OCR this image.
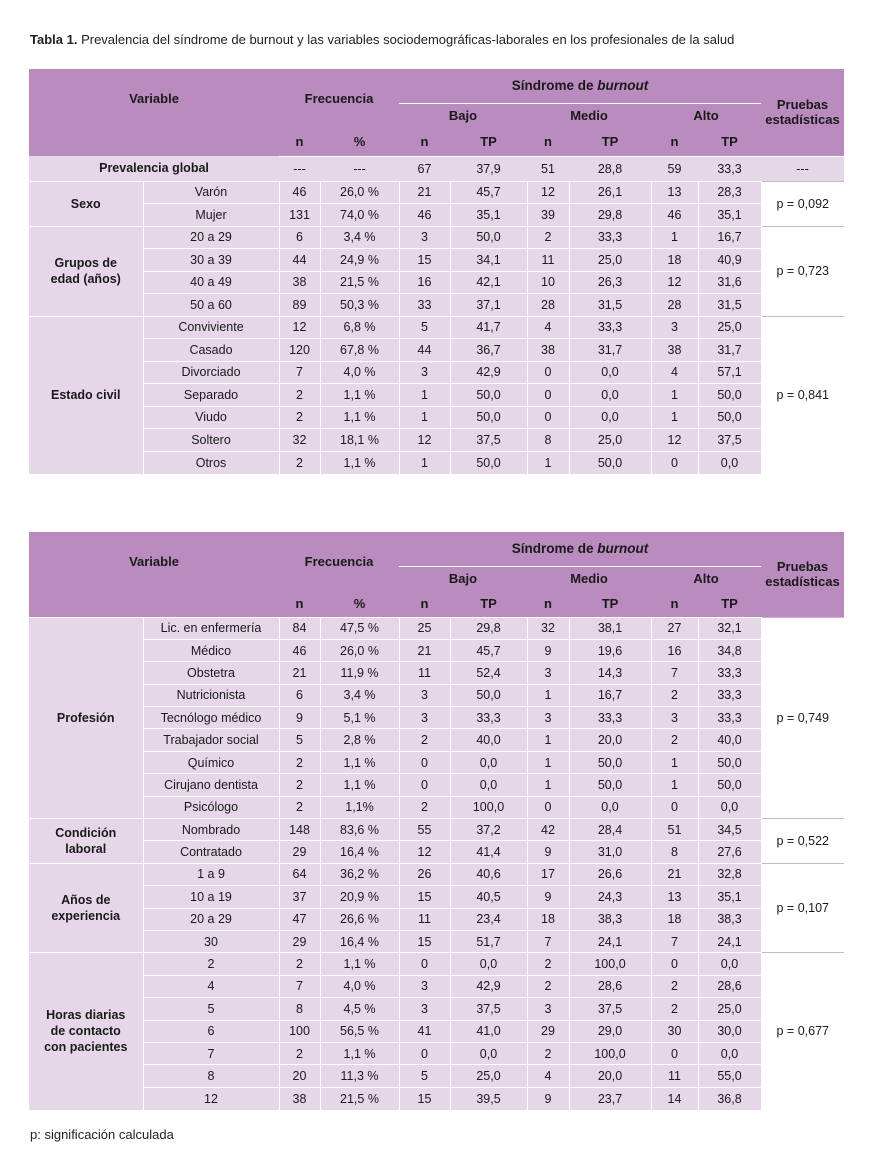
Tabla 1. Prevalencia del síndrome de burnout y las variables sociodemográficas-laborales en los profesionales de la salud
Variable		Frecuencia		Síndrome de burnout						Pruebas
estadísticas
				Bajo		Medio		Alto		
		n	%	n	TP	n	TP	n	TP	
Prevalencia global		---	---	67	37,9	51	28,8	59	33,3	---
Sexo	Varón	46	26,0 %	21	45,7	12	26,1	13	28,3	p = 0,092
	Mujer	131	74,0 %	46	35,1	39	29,8	46	35,1	
Grupos de edad (años)	20 a 29	6	3,4 %	3	50,0	2	33,3	1	16,7	p = 0,723
	30 a 39	44	24,9 %	15	34,1	11	25,0	18	40,9	
	40 a 49	38	21,5 %	16	42,1	10	26,3	12	31,6	
	50 a 60	89	50,3 %	33	37,1	28	31,5	28	31,5	
Estado civil	Conviviente	12	6,8 %	5	41,7	4	33,3	3	25,0	p = 0,841
	Casado	120	67,8 %	44	36,7	38	31,7	38	31,7	
	Divorciado	7	4,0 %	3	42,9	0	0,0	4	57,1	
	Separado	2	1,1 %	1	50,0	0	0,0	1	50,0	
	Viudo	2	1,1 %	1	50,0	0	0,0	1	50,0	
	Soltero	32	18,1 %	12	37,5	8	25,0	12	37,5	
	Otros	2	1,1 %	1	50,0	1	50,0	0	0,0	
Variable		Frecuencia		Síndrome de burnout						Pruebas
estadísticas
				Bajo		Medio		Alto		
		n	%	n	TP	n	TP	n	TP	
Profesión	Lic. en enfermería	84	47,5 %	25	29,8	32	38,1	27	32,1	p = 0,749
	Médico	46	26,0 %	21	45,7	9	19,6	16	34,8	
	Obstetra	21	11,9 %	11	52,4	3	14,3	7	33,3	
	Nutricionista	6	3,4 %	3	50,0	1	16,7	2	33,3	
	Tecnólogo médico	9	5,1 %	3	33,3	3	33,3	3	33,3	
	Trabajador social	5	2,8 %	2	40,0	1	20,0	2	40,0	
	Químico	2	1,1 %	0	0,0	1	50,0	1	50,0	
	Cirujano dentista	2	1,1 %	0	0,0	1	50,0	1	50,0	
	Psicólogo	2	1,1%	2	100,0	0	0,0	0	0,0	
Condición laboral	Nombrado	148	83,6 %	55	37,2	42	28,4	51	34,5	p = 0,522
	Contratado	29	16,4 %	12	41,4	9	31,0	8	27,6	
Años de experiencia	1 a 9	64	36,2 %	26	40,6	17	26,6	21	32,8	p = 0,107
	10 a 19	37	20,9 %	15	40,5	9	24,3	13	35,1	
	20 a 29	47	26,6 %	11	23,4	18	38,3	18	38,3	
	30	29	16,4 %	15	51,7	7	24,1	7	24,1	
Horas diarias de contacto con pacientes	2	2	1,1 %	0	0,0	2	100,0	0	0,0	p = 0,677
	4	7	4,0 %	3	42,9	2	28,6	2	28,6	
	5	8	4,5 %	3	37,5	3	37,5	2	25,0	
	6	100	56,5 %	41	41,0	29	29,0	30	30,0	
	7	2	1,1 %	0	0,0	2	100,0	0	0,0	
	8	20	11,3 %	5	25,0	4	20,0	11	55,0	
	12	38	21,5 %	15	39,5	9	23,7	14	36,8	
p: significación calculada
